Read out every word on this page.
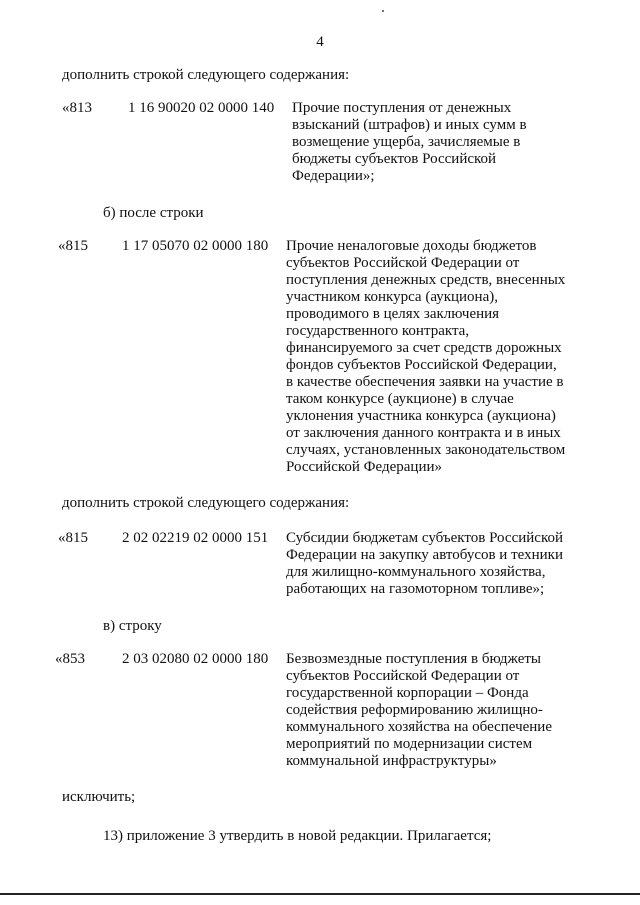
4
дополнить строкой следующего содержания:
«813 1 16 90020 02 0000 140 Прочие поступления от денежных
взысканий (штрафов) и иных сумм в
возмещение ущерба, зачисляемые в
бюджеты субъектов Российской
Федерации»;
б) после строки
«815 1 17 05070 02 0000 180 Прочие неналоговые доходы бюджетов
субъектов Российской Федерации от
поступления денежных средств, внесенных
участником конкурса (аукциона),
проводимого в целях заключения
государственного контракта,
финансируемого за счет средств дорожных
фондов субъектов Российской Федерации,
в качестве обеспечения заявки на участие в
таком конкурсе (аукционе) в случае
уклонения участника конкурса (аукциона)
от заключения данного контракта и в иных
случаях, установленных законодательством
Российской Федерации»
дополнить строкой следующего содержания:
«815 2 02 02219 02 0000 151 Субсидии бюджетам субъектов Российской
Федерации на закупку автобусов и техники
для жилищно-коммунального хозяйства,
работающих на газомоторном топливе»;
в) строку
«853 2 03 02080 02 0000 180 Безвозмездные поступления в бюджеты
субъектов Российской Федерации от
государственной корпорации – Фонда
содействия реформированию жилищно-
коммунального хозяйства на обеспечение
мероприятий по модернизации систем
коммунальной инфраструктуры»
исключить;
13) приложение 3 утвердить в новой редакции. Прилагается;
